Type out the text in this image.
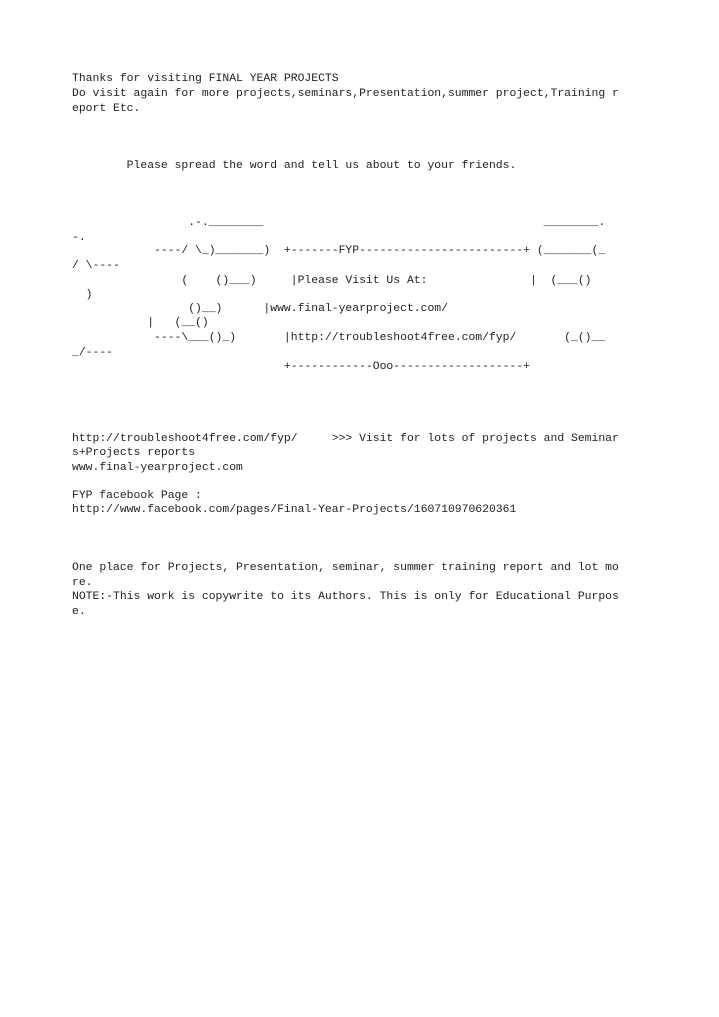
Thanks for visiting FINAL YEAR PROJECTS
Do visit again for more projects,seminars,Presentation,summer project,Training r
eport Etc.
Please spread the word and tell us about to your friends.
.-.________                                         ________.
-.
----/ \_)_______)  +-------FYP------------------------+ (_______(_
/ \----
(    ()___)     |Please Visit Us At:               |  (___()
)
()__)      |www.final-yearproject.com/
|   (__()
----\___()_)       |http://troubleshoot4free.com/fyp/       (_()__
_/----
+------------Ooo-------------------+
http://troubleshoot4free.com/fyp/     >>> Visit for lots of projects and Seminar
s+Projects reports
www.final-yearproject.com
FYP facebook Page :
http://www.facebook.com/pages/Final-Year-Projects/160710970620361
One place for Projects, Presentation, seminar, summer training report and lot mo
re.
NOTE:-This work is copywrite to its Authors. This is only for Educational Purpos
e.
